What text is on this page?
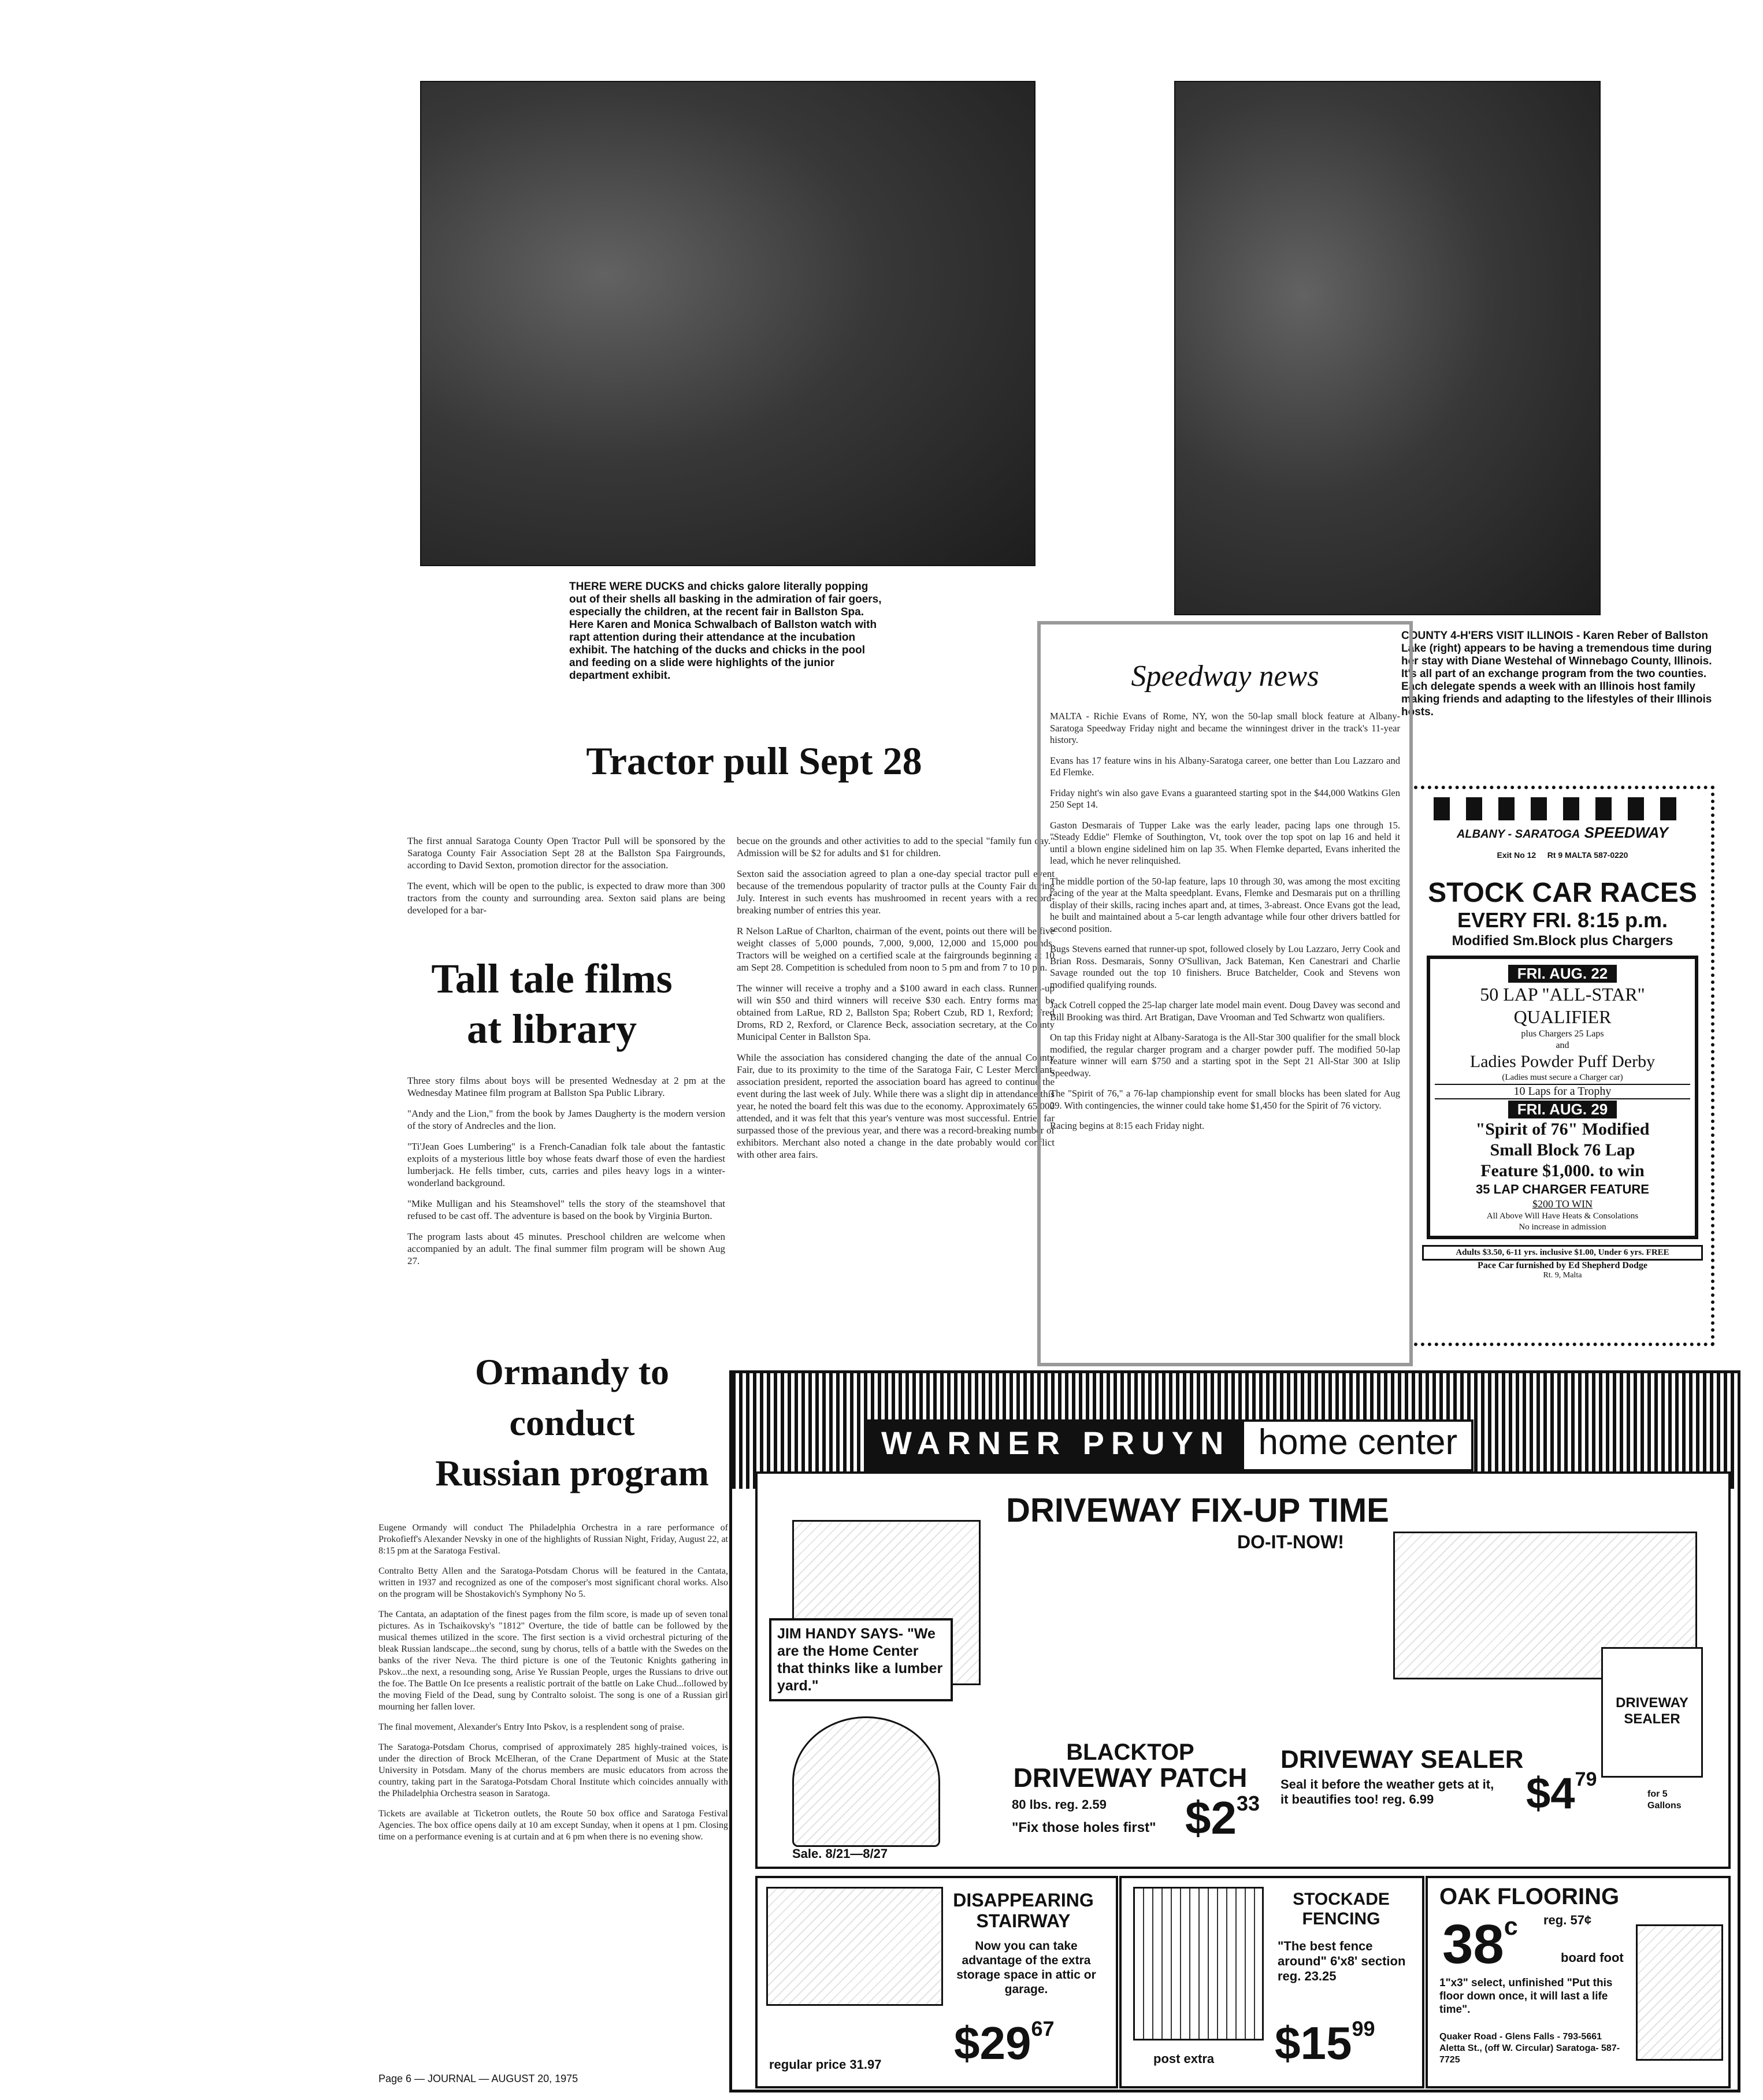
THERE WERE DUCKS and chicks galore literally popping out of their shells all basking in the admiration of fair goers, especially the children, at the recent fair in Ballston Spa. Here Karen and Monica Schwalbach of Ballston watch with rapt attention during their attendance at the incubation exhibit. The hatching of the ducks and chicks in the pool and feeding on a slide were highlights of the junior department exhibit.
COUNTY 4-H'ERS VISIT ILLINOIS - Karen Reber of Ballston Lake (right) appears to be having a tremendous time during her stay with Diane Westehal of Winnebago County, Illinois. It's all part of an exchange program from the two counties. Each delegate spends a week with an Illinois host family making friends and adapting to the lifestyles of their Illinois hosts.
Tractor pull Sept 28

The first annual Saratoga County Open Tractor Pull will be sponsored by the Saratoga County Fair Association Sept 28 at the Ballston Spa Fairgrounds, according to David Sexton, promotion director for the association.

The event, which will be open to the public, is expected to draw more than 300 tractors from the county and surrounding area. Sexton said plans are being developed for a bar-

becue on the grounds and other activities to add to the special "family fun day." Admission will be $2 for adults and $1 for children.

Sexton said the association agreed to plan a one-day special tractor pull event because of the tremendous popularity of tractor pulls at the County Fair during July. Interest in such events has mushroomed in recent years with a record-breaking number of entries this year.

R Nelson LaRue of Charlton, chairman of the event, points out there will be five weight classes of 5,000 pounds, 7,000, 9,000, 12,000 and 15,000 pounds. Tractors will be weighed on a certified scale at the fairgrounds beginning at 10 am Sept 28. Competition is scheduled from noon to 5 pm and from 7 to 10 pm.

The winner will receive a trophy and a $100 award in each class. Runners-up will win $50 and third winners will receive $30 each. Entry forms may be obtained from LaRue, RD 2, Ballston Spa; Robert Czub, RD 1, Rexford; Fred Droms, RD 2, Rexford, or Clarence Beck, association secretary, at the County Municipal Center in Ballston Spa.

While the association has considered changing the date of the annual County Fair, due to its proximity to the time of the Saratoga Fair, C Lester Merchant, association president, reported the association board has agreed to continue the event during the last week of July. While there was a slight dip in attendance this year, he noted the board felt this was due to the economy. Approximately 65,000 attended, and it was felt that this year's venture was most successful. Entries far surpassed those of the previous year, and there was a record-breaking number of exhibitors. Merchant also noted a change in the date probably would conflict with other area fairs.

Tall tale films
at library

Three story films about boys will be presented Wednesday at 2 pm at the Wednesday Matinee film program at Ballston Spa Public Library.

"Andy and the Lion," from the book by James Daugherty is the modern version of the story of Andrecles and the lion.

"Ti'Jean Goes Lumbering" is a French-Canadian folk tale about the fantastic exploits of a mysterious little boy whose feats dwarf those of even the hardiest lumberjack. He fells timber, cuts, carries and piles heavy logs in a winter-wonderland background.

"Mike Mulligan and his Steamshovel" tells the story of the steamshovel that refused to be cast off. The adventure is based on the book by Virginia Burton.

The program lasts about 45 minutes. Preschool children are welcome when accompanied by an adult. The final summer film program will be shown Aug 27.

Ormandy to
conduct
Russian program

Eugene Ormandy will conduct The Philadelphia Orchestra in a rare performance of Prokofieff's Alexander Nevsky in one of the highlights of Russian Night, Friday, August 22, at 8:15 pm at the Saratoga Festival.

Contralto Betty Allen and the Saratoga-Potsdam Chorus will be featured in the Cantata, written in 1937 and recognized as one of the composer's most significant choral works. Also on the program will be Shostakovich's Symphony No 5.

The Cantata, an adaptation of the finest pages from the film score, is made up of seven tonal pictures. As in Tschaikovsky's "1812" Overture, the tide of battle can be followed by the musical themes utilized in the score. The first section is a vivid orchestral picturing of the bleak Russian landscape...the second, sung by chorus, tells of a battle with the Swedes on the banks of the river Neva. The third picture is one of the Teutonic Knights gathering in Pskov...the next, a resounding song, Arise Ye Russian People, urges the Russians to drive out the foe. The Battle On Ice presents a realistic portrait of the battle on Lake Chud...followed by the moving Field of the Dead, sung by Contralto soloist. The song is one of a Russian girl mourning her fallen lover.

The final movement, Alexander's Entry Into Pskov, is a resplendent song of praise.

The Saratoga-Potsdam Chorus, comprised of approximately 285 highly-trained voices, is under the direction of Brock McElheran, of the Crane Department of Music at the State University in Potsdam. Many of the chorus members are music educators from across the country, taking part in the Saratoga-Potsdam Choral Institute which coincides annually with the Philadelphia Orchestra season in Saratoga.

Tickets are available at Ticketron outlets, the Route 50 box office and Saratoga Festival Agencies. The box office opens daily at 10 am except Sunday, when it opens at 1 pm. Closing time on a performance evening is at curtain and at 6 pm when there is no evening show.

Page 6 — JOURNAL — AUGUST 20, 1975
Speedway news

MALTA - Richie Evans of Rome, NY, won the 50-lap small block feature at Albany-Saratoga Speedway Friday night and became the winningest driver in the track's 11-year history.

Evans has 17 feature wins in his Albany-Saratoga career, one better than Lou Lazzaro and Ed Flemke.

Friday night's win also gave Evans a guaranteed starting spot in the $44,000 Watkins Glen 250 Sept 14.

Gaston Desmarais of Tupper Lake was the early leader, pacing laps one through 15. "Steady Eddie" Flemke of Southington, Vt, took over the top spot on lap 16 and held it until a blown engine sidelined him on lap 35. When Flemke departed, Evans inherited the lead, which he never relinquished.

The middle portion of the 50-lap feature, laps 10 through 30, was among the most exciting racing of the year at the Malta speedplant. Evans, Flemke and Desmarais put on a thrilling display of their skills, racing inches apart and, at times, 3-abreast. Once Evans got the lead, he built and maintained about a 5-car length advantage while four other drivers battled for second position.

Bugs Stevens earned that runner-up spot, followed closely by Lou Lazzaro, Jerry Cook and Brian Ross. Desmarais, Sonny O'Sullivan, Jack Bateman, Ken Canestrari and Charlie Savage rounded out the top 10 finishers. Bruce Batchelder, Cook and Stevens won modified qualifying rounds.

Jack Cotrell copped the 25-lap charger late model main event. Doug Davey was second and Bill Brooking was third. Art Bratigan, Dave Vrooman and Ted Schwartz won qualifiers.

On tap this Friday night at Albany-Saratoga is the All-Star 300 qualifier for the small block modified, the regular charger program and a charger powder puff. The modified 50-lap feature winner will earn $750 and a starting spot in the Sept 21 All-Star 300 at Islip Speedway.

The "Spirit of 76," a 76-lap championship event for small blocks has been slated for Aug 29. With contingencies, the winner could take home $1,450 for the Spirit of 76 victory.

Racing begins at 8:15 each Friday night.

ALBANY - SARATOGA SPEEDWAY
Exit No 12 Rt 9 MALTA 587-0220
STOCK CAR RACES
EVERY FRI. 8:15 p.m.
Modified Sm.Block plus Chargers
FRI. AUG. 22
50 LAP "ALL-STAR"
QUALIFIER
plus Chargers 25 Laps
and
Ladies Powder Puff Derby
(Ladies must secure a Charger car)
10 Laps for a Trophy
FRI. AUG. 29
"Spirit of 76" Modified
Small Block 76 Lap
Feature $1,000. to win
35 LAP CHARGER FEATURE
$200 TO WIN
All Above Will Have Heats & Consolations
No increase in admission
Adults $3.50, 6-11 yrs. inclusive $1.00, Under 6 yrs. FREE
Pace Car furnished by Ed Shepherd Dodge
Rt. 9, Malta
WARNER PRUYN home center
DRIVEWAY FIX-UP TIME
DO-IT-NOW!
JIM HANDY SAYS- "We are the Home Center that thinks like a lumber yard."
Sale. 8/21—8/27
DRIVEWAY SEALER
BLACKTOP
DRIVEWAY PATCH
80 lbs. reg. 2.59
"Fix those holes first" $\$2^{33}$
DRIVEWAY SEALER
Seal it before the weather gets at it, it beautifies too! reg. 6.99	$\$4^{79}$
for 5 Gallons
DISAPPEARING
STAIRWAY
Now you can take advantage of the extra storage space in attic or garage.
$\$29^{67}$
regular price 31.97
STOCKADE
FENCING
"The best fence around" 6'x8' section reg. 23.25
$\$15^{99}$
post extra
OAK FLOORING
reg. 57¢
38$^c$
board foot
1"x3" select, unfinished "Put this floor down once, it will last a life time".
Quaker Road - Glens Falls - 793-5661
Aletta St., (off W. Circular) Saratoga- 587-7725
